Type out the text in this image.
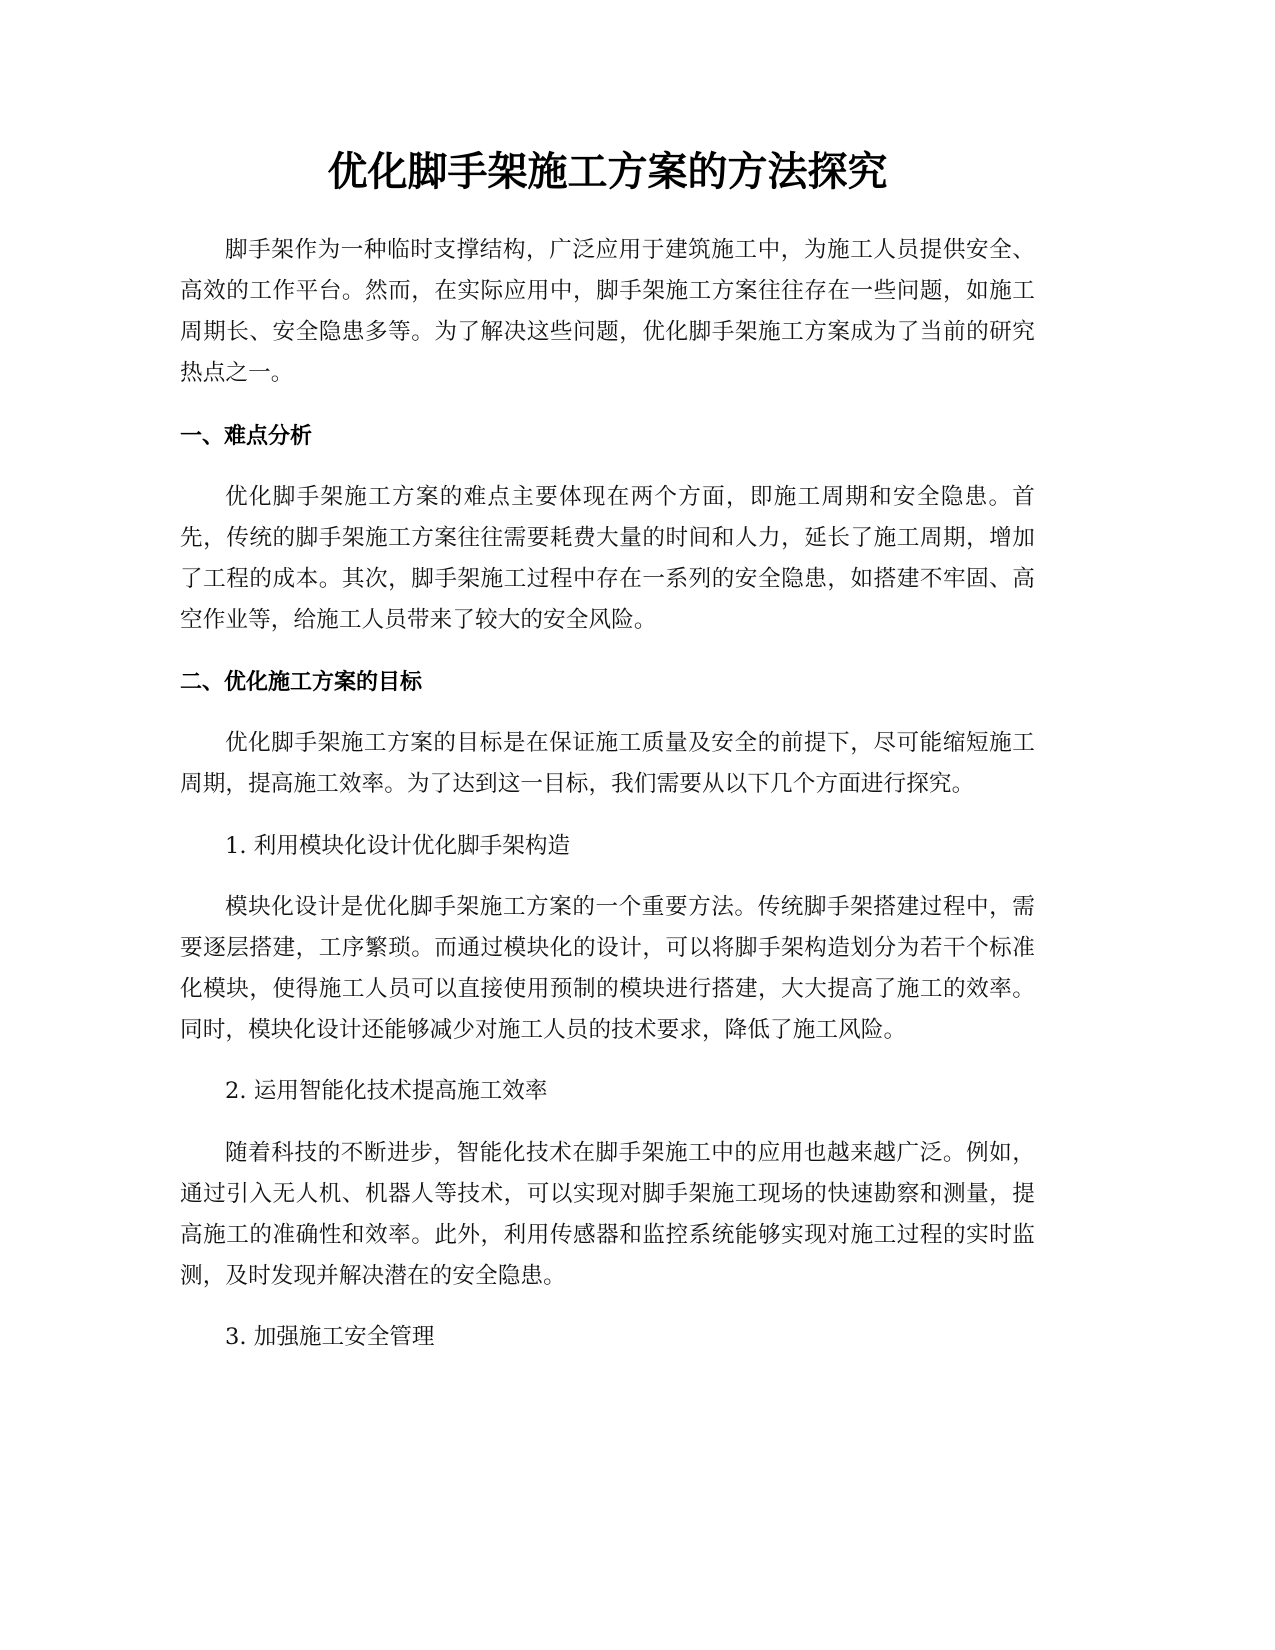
优化脚手架施工方案的方法探究

脚手架作为一种临时支撑结构，广泛应用于建筑施工中，为施工人员提供安全、高效的工作平台。然而，在实际应用中，脚手架施工方案往往存在一些问题，如施工周期长、安全隐患多等。为了解决这些问题，优化脚手架施工方案成为了当前的研究热点之一。

一、难点分析

优化脚手架施工方案的难点主要体现在两个方面，即施工周期和安全隐患。首先，传统的脚手架施工方案往往需要耗费大量的时间和人力，延长了施工周期，增加了工程的成本。其次，脚手架施工过程中存在一系列的安全隐患，如搭建不牢固、高空作业等，给施工人员带来了较大的安全风险。

二、优化施工方案的目标

优化脚手架施工方案的目标是在保证施工质量及安全的前提下，尽可能缩短施工周期，提高施工效率。为了达到这一目标，我们需要从以下几个方面进行探究。

1. 利用模块化设计优化脚手架构造

模块化设计是优化脚手架施工方案的一个重要方法。传统脚手架搭建过程中，需要逐层搭建，工序繁琐。而通过模块化的设计，可以将脚手架构造划分为若干个标准化模块，使得施工人员可以直接使用预制的模块进行搭建，大大提高了施工的效率。同时，模块化设计还能够减少对施工人员的技术要求，降低了施工风险。

2. 运用智能化技术提高施工效率

随着科技的不断进步，智能化技术在脚手架施工中的应用也越来越广泛。例如，通过引入无人机、机器人等技术，可以实现对脚手架施工现场的快速勘察和测量，提高施工的准确性和效率。此外，利用传感器和监控系统能够实现对施工过程的实时监测，及时发现并解决潜在的安全隐患。

3. 加强施工安全管理
